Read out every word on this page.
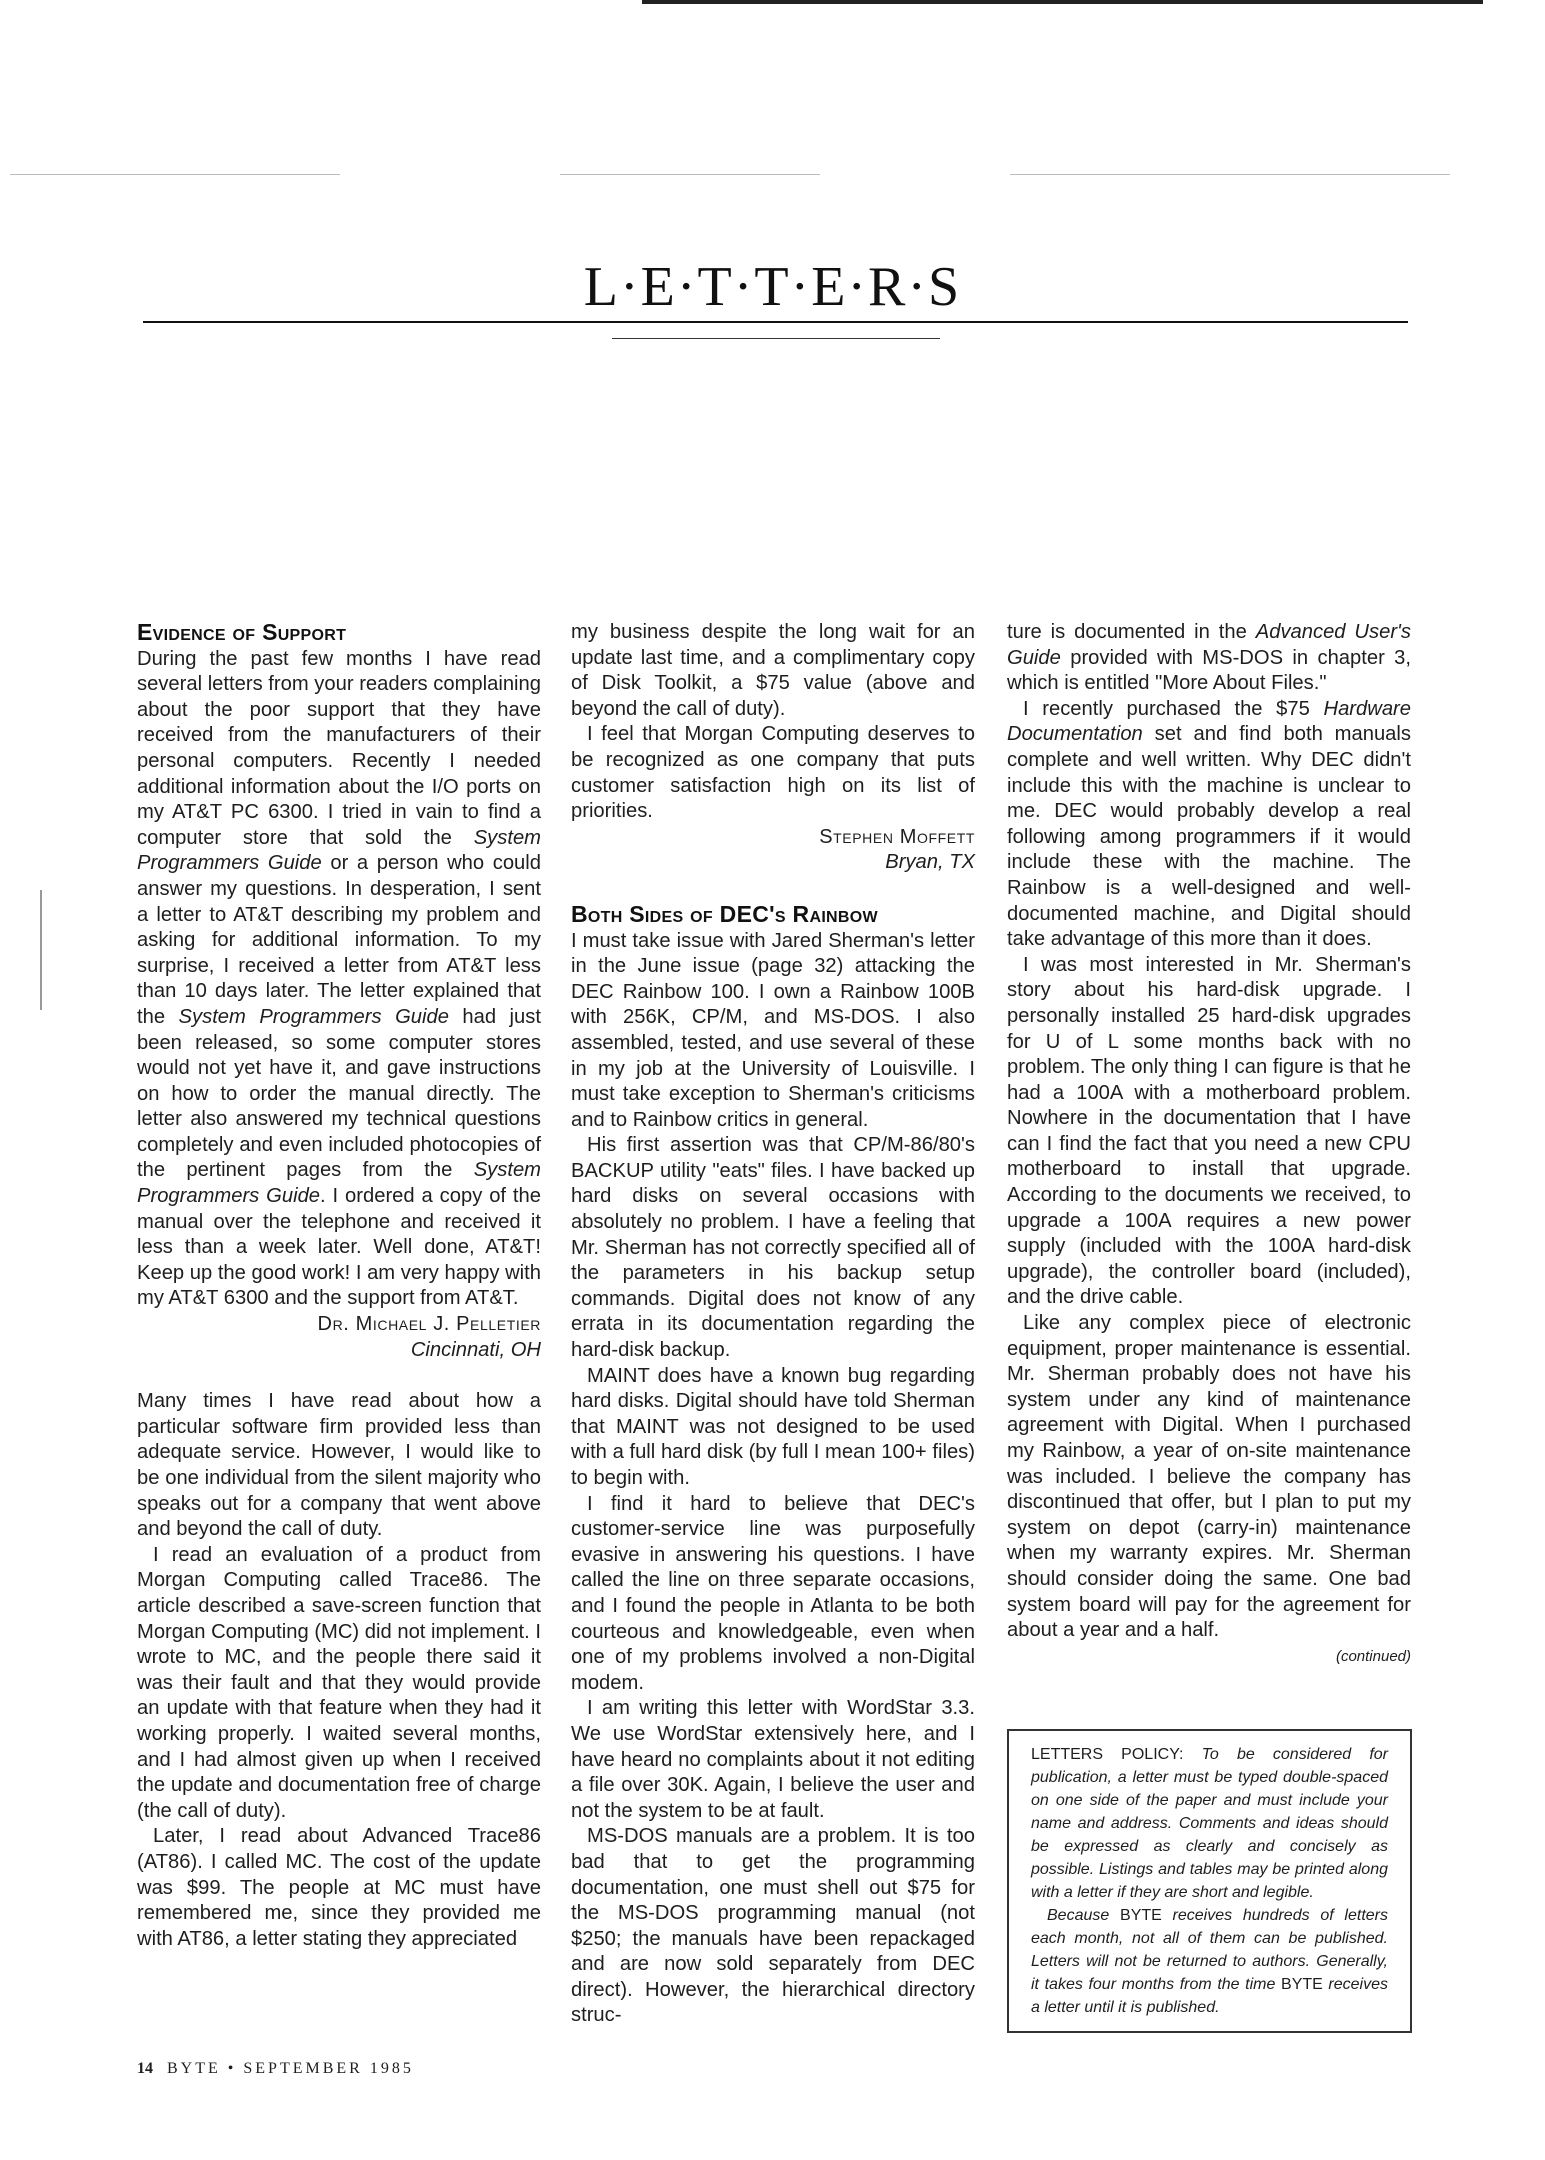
L·E·T·T·E·R·S
Evidence of Support

During the past few months I have read several letters from your readers complaining about the poor support that they have received from the manufacturers of their personal computers. Recently I needed additional information about the I/O ports on my AT&T PC 6300. I tried in vain to find a computer store that sold the System Programmers Guide or a person who could answer my questions. In desperation, I sent a letter to AT&T describing my problem and asking for additional information. To my surprise, I received a letter from AT&T less than 10 days later. The letter explained that the System Programmers Guide had just been released, so some computer stores would not yet have it, and gave instructions on how to order the manual directly. The letter also answered my technical questions completely and even included photocopies of the pertinent pages from the System Programmers Guide. I ordered a copy of the manual over the telephone and received it less than a week later. Well done, AT&T! Keep up the good work! I am very happy with my AT&T 6300 and the support from AT&T.

Dr. Michael J. Pelletier
Cincinnati, OH

Many times I have read about how a particular software firm provided less than adequate service. However, I would like to be one individual from the silent majority who speaks out for a company that went above and beyond the call of duty.

I read an evaluation of a product from Morgan Computing called Trace86. The article described a save-screen function that Morgan Computing (MC) did not implement. I wrote to MC, and the people there said it was their fault and that they would provide an update with that feature when they had it working properly. I waited several months, and I had almost given up when I received the update and documentation free of charge (the call of duty).

Later, I read about Advanced Trace86 (AT86). I called MC. The cost of the update was $99. The people at MC must have remembered me, since they provided me with AT86, a letter stating they appreciated

my business despite the long wait for an update last time, and a complimentary copy of Disk Toolkit, a $75 value (above and beyond the call of duty).

I feel that Morgan Computing deserves to be recognized as one company that puts customer satisfaction high on its list of priorities.

Stephen Moffett
Bryan, TX
Both Sides of DEC's Rainbow

I must take issue with Jared Sherman's letter in the June issue (page 32) attacking the DEC Rainbow 100. I own a Rainbow 100B with 256K, CP/M, and MS-DOS. I also assembled, tested, and use several of these in my job at the University of Louisville. I must take exception to Sherman's criticisms and to Rainbow critics in general.

His first assertion was that CP/M-86/80's BACKUP utility "eats" files. I have backed up hard disks on several occasions with absolutely no problem. I have a feeling that Mr. Sherman has not correctly specified all of the parameters in his backup setup commands. Digital does not know of any errata in its documentation regarding the hard-disk backup.

MAINT does have a known bug regarding hard disks. Digital should have told Sherman that MAINT was not designed to be used with a full hard disk (by full I mean 100+ files) to begin with.

I find it hard to believe that DEC's customer-service line was purposefully evasive in answering his questions. I have called the line on three separate occasions, and I found the people in Atlanta to be both courteous and knowledgeable, even when one of my problems involved a non-Digital modem.

I am writing this letter with WordStar 3.3. We use WordStar extensively here, and I have heard no complaints about it not editing a file over 30K. Again, I believe the user and not the system to be at fault.

MS-DOS manuals are a problem. It is too bad that to get the programming documentation, one must shell out $75 for the MS-DOS programming manual (not $250; the manuals have been repackaged and are now sold separately from DEC direct). However, the hierarchical directory struc-

ture is documented in the Advanced User's Guide provided with MS-DOS in chapter 3, which is entitled "More About Files."

I recently purchased the $75 Hardware Documentation set and find both manuals complete and well written. Why DEC didn't include this with the machine is unclear to me. DEC would probably develop a real following among programmers if it would include these with the machine. The Rainbow is a well-designed and well-documented machine, and Digital should take advantage of this more than it does.

I was most interested in Mr. Sherman's story about his hard-disk upgrade. I personally installed 25 hard-disk upgrades for U of L some months back with no problem. The only thing I can figure is that he had a 100A with a motherboard problem. Nowhere in the documentation that I have can I find the fact that you need a new CPU motherboard to install that upgrade. According to the documents we received, to upgrade a 100A requires a new power supply (included with the 100A hard-disk upgrade), the controller board (included), and the drive cable.

Like any complex piece of electronic equipment, proper maintenance is essential. Mr. Sherman probably does not have his system under any kind of maintenance agreement with Digital. When I purchased my Rainbow, a year of on-site maintenance was included. I believe the company has discontinued that offer, but I plan to put my system on depot (carry-in) maintenance when my warranty expires. Mr. Sherman should consider doing the same. One bad system board will pay for the agreement for about a year and a half.

(continued)

LETTERS POLICY: To be considered for publication, a letter must be typed double-spaced on one side of the paper and must include your name and address. Comments and ideas should be expressed as clearly and concisely as possible. Listings and tables may be printed along with a letter if they are short and legible.

Because BYTE receives hundreds of letters each month, not all of them can be published. Letters will not be returned to authors. Generally, it takes four months from the time BYTE receives a letter until it is published.

14 BYTE • SEPTEMBER 1985
